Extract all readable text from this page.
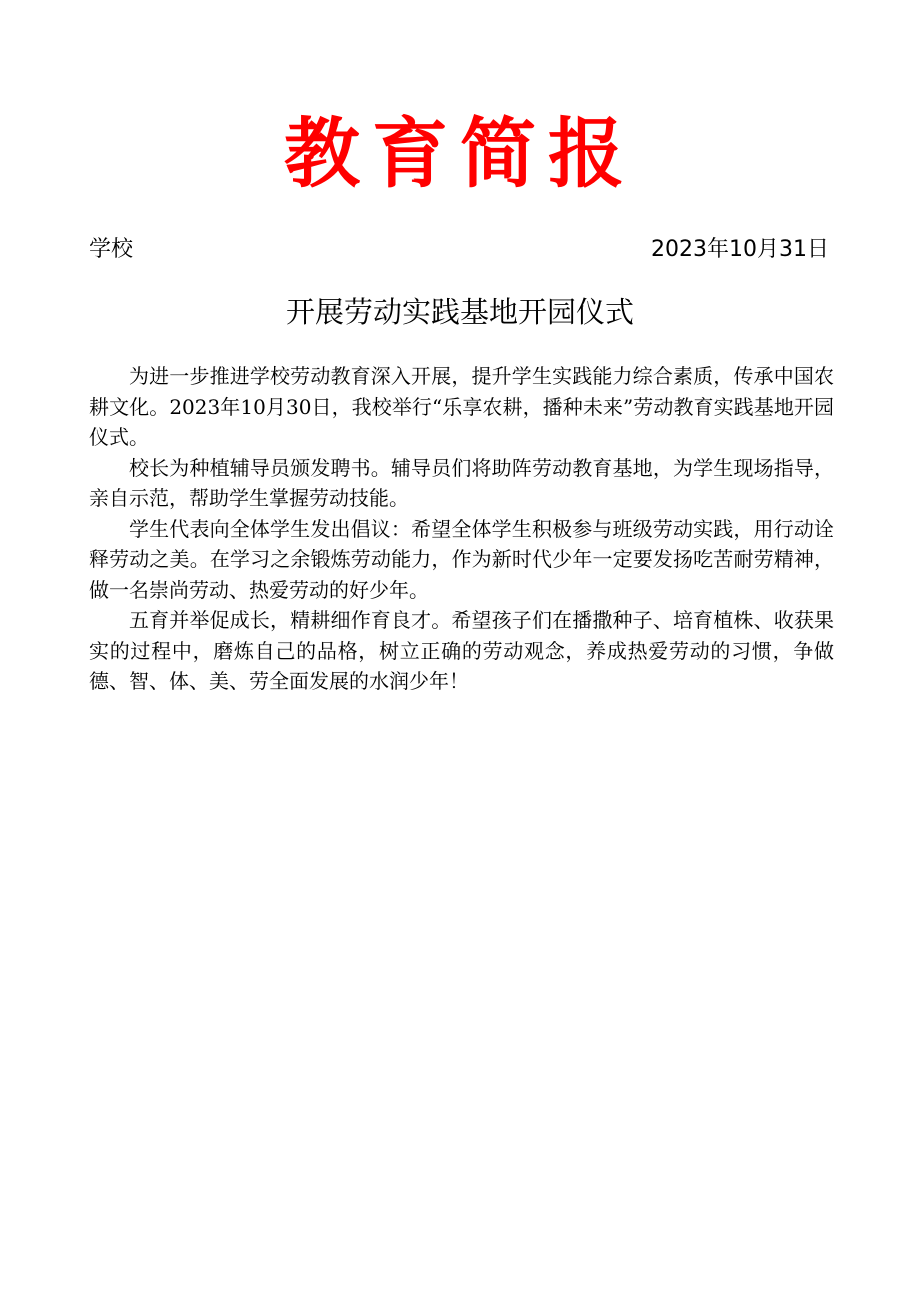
教育简报
学校	2023年10月31日
开展劳动实践基地开园仪式

为进一步推进学校劳动教育深入开展，提升学生实践能力综合素质，传承中国农耕文化。2023年10月30日，我校举行“乐享农耕，播种未来”劳动教育实践基地开园仪式。

校长为种植辅导员颁发聘书。辅导员们将助阵劳动教育基地，为学生现场指导，亲自示范，帮助学生掌握劳动技能。

学生代表向全体学生发出倡议：希望全体学生积极参与班级劳动实践，用行动诠释劳动之美。在学习之余锻炼劳动能力，作为新时代少年一定要发扬吃苦耐劳精神，做一名崇尚劳动、热爱劳动的好少年。

五育并举促成长，精耕细作育良才。希望孩子们在播撒种子、培育植株、收获果实的过程中，磨炼自己的品格，树立正确的劳动观念，养成热爱劳动的习惯，争做德、智、体、美、劳全面发展的水润少年！
